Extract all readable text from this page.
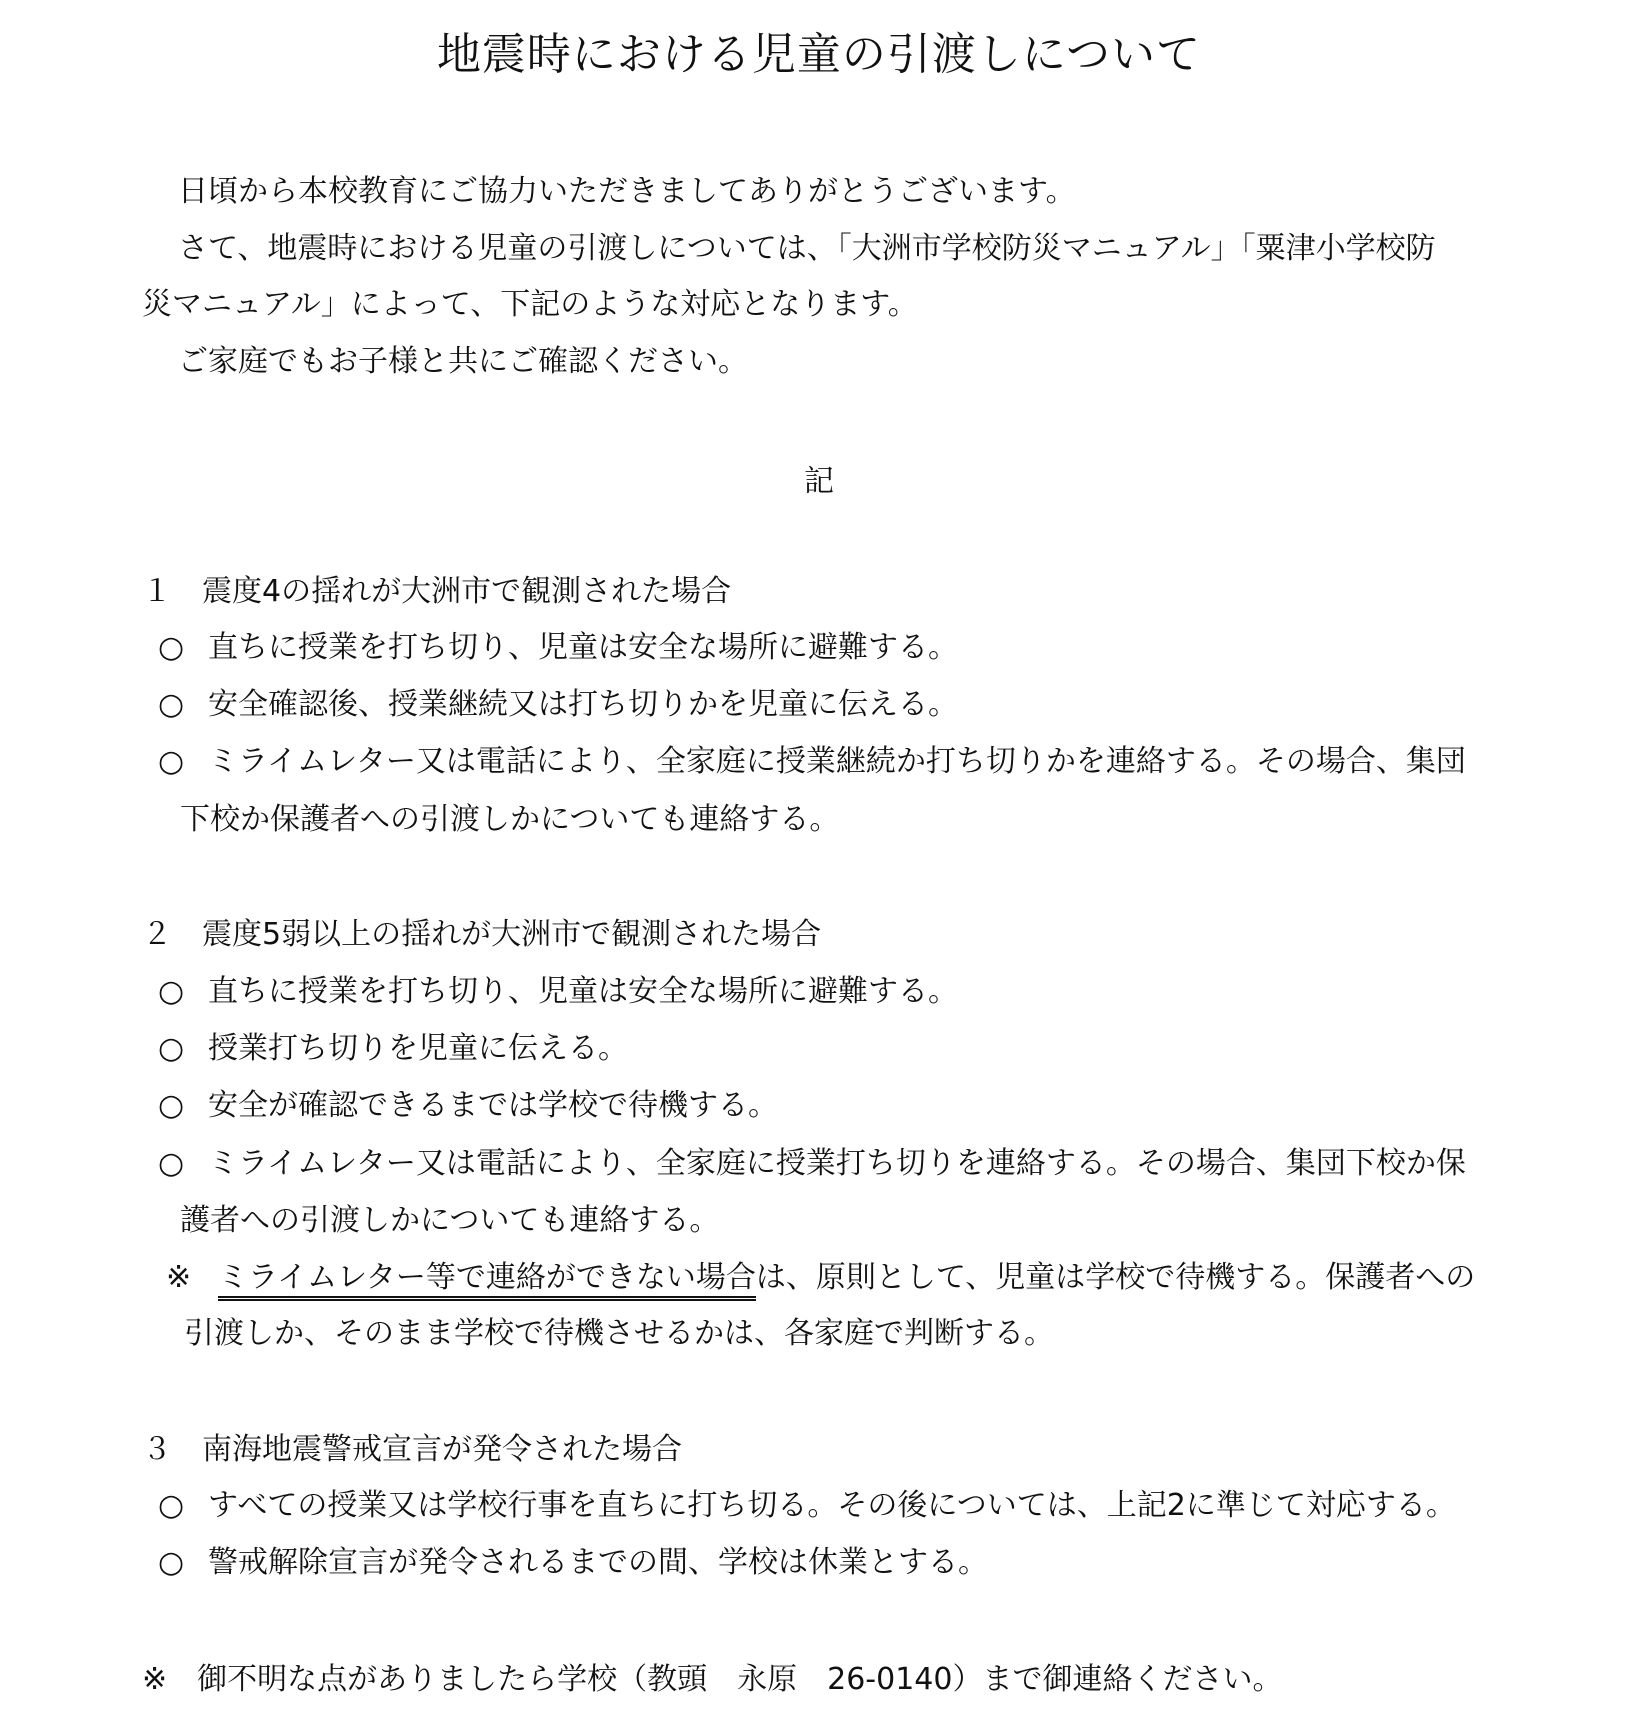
地震時における児童の引渡しについて
日頃から本校教育にご協力いただきましてありがとうございます。
さて、地震時における児童の引渡しについては、「大洲市学校防災マニュアル」「粟津小学校防
災マニュアル」によって、下記のような対応となります。
ご家庭でもお子様と共にご確認ください。
記
１　震度4の揺れが大洲市で観測された場合
○ 直ちに授業を打ち切り、児童は安全な場所に避難する。
○ 安全確認後、授業継続又は打ち切りかを児童に伝える。
○ ミライムレター又は電話により、全家庭に授業継続か打ち切りかを連絡する。その場合、集団
下校か保護者への引渡しかについても連絡する。
２　震度5弱以上の揺れが大洲市で観測された場合
○ 直ちに授業を打ち切り、児童は安全な場所に避難する。
○ 授業打ち切りを児童に伝える。
○ 安全が確認できるまでは学校で待機する。
○ ミライムレター又は電話により、全家庭に授業打ち切りを連絡する。その場合、集団下校か保
護者への引渡しかについても連絡する。
※ ミライムレター等で連絡ができない場合は、原則として、児童は学校で待機する。保護者への
引渡しか、そのまま学校で待機させるかは、各家庭で判断する。
３　南海地震警戒宣言が発令された場合
○ すべての授業又は学校行事を直ちに打ち切る。その後については、上記2に準じて対応する。
○ 警戒解除宣言が発令されるまでの間、学校は休業とする。
※　御不明な点がありましたら学校（教頭　永原　26-0140）まで御連絡ください。
